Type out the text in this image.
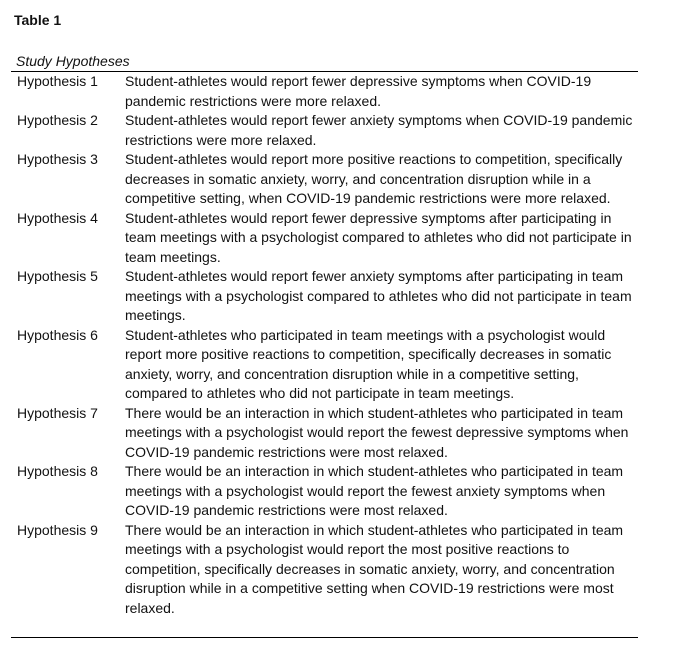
Table 1
Study Hypotheses
Hypothesis 1	Student-athletes would report fewer depressive symptoms when COVID-19 pandemic restrictions were more relaxed.
Hypothesis 2	Student-athletes would report fewer anxiety symptoms when COVID-19 pandemic restrictions were more relaxed.
Hypothesis 3	Student-athletes would report more positive reactions to competition, specifically decreases in somatic anxiety, worry, and concentration disruption while in a competitive setting, when COVID-19 pandemic restrictions were more relaxed.
Hypothesis 4	Student-athletes would report fewer depressive symptoms after participating in team meetings with a psychologist compared to athletes who did not participate in team meetings.
Hypothesis 5	Student-athletes would report fewer anxiety symptoms after participating in team meetings with a psychologist compared to athletes who did not participate in team meetings.
Hypothesis 6	Student-athletes who participated in team meetings with a psychologist would report more positive reactions to competition, specifically decreases in somatic anxiety, worry, and concentration disruption while in a competitive setting, compared to athletes who did not participate in team meetings.
Hypothesis 7	There would be an interaction in which student-athletes who participated in team meetings with a psychologist would report the fewest depressive symptoms when COVID-19 pandemic restrictions were most relaxed.
Hypothesis 8	There would be an interaction in which student-athletes who participated in team meetings with a psychologist would report the fewest anxiety symptoms when COVID-19 pandemic restrictions were most relaxed.
Hypothesis 9	There would be an interaction in which student-athletes who participated in team meetings with a psychologist would report the most positive reactions to competition, specifically decreases in somatic anxiety, worry, and concentration disruption while in a competitive setting when COVID-19 restrictions were most relaxed.
